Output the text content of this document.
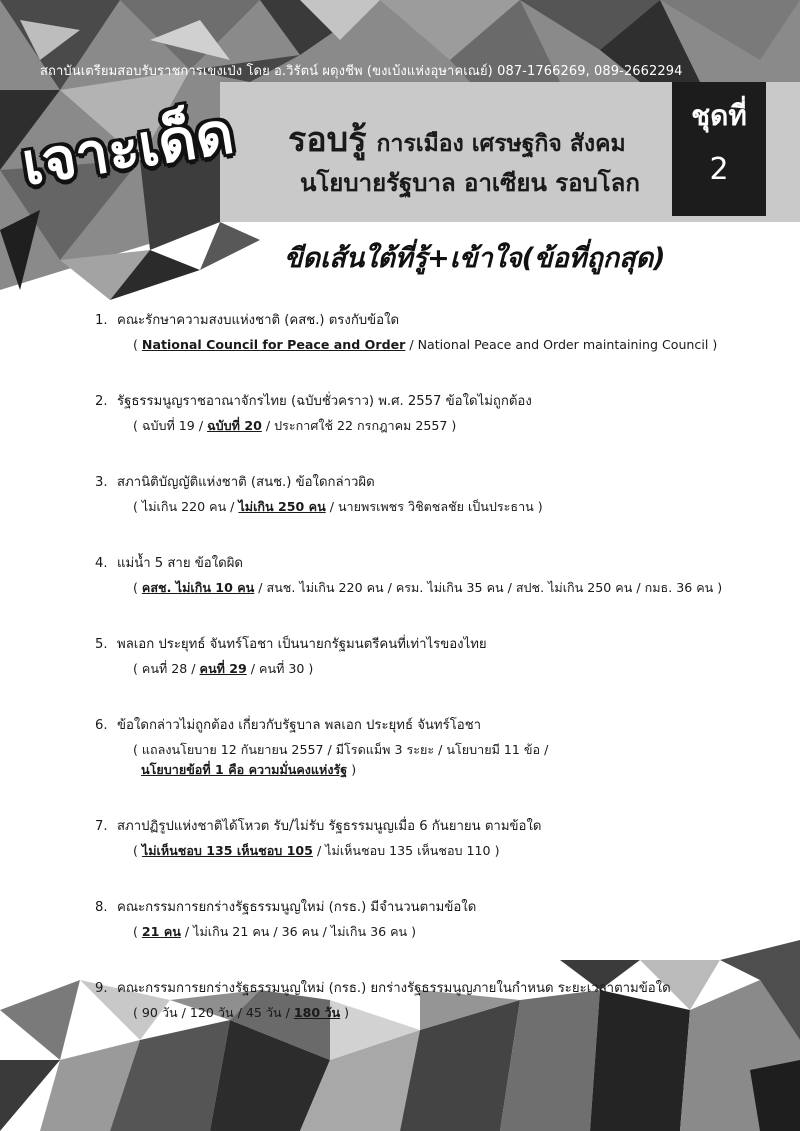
สถาบันเตรียมสอบรับราชการเขงเป่ง โดย อ.วิรัตน์ ผดุงชีพ (ขงเบ้งแห่งอุษาคเณย์) 087-1766269, 089-2662294
เจาะเด็ด	รอบรู้ การเมือง เศรษฐกิจ สังคม
นโยบายรัฐบาล อาเซียน รอบโลก
ชุดที่
2
ขีดเส้นใต้ที่รู้+เข้าใจ(ข้อที่ถูกสุด)
1. คณะรักษาความสงบแห่งชาติ (คสช.) ตรงกับข้อใด
( National Council for Peace and Order / National Peace and Order maintaining Council )
2. รัฐธรรมนูญราชอาณาจักรไทย (ฉบับชั่วคราว) พ.ศ. 2557 ข้อใดไม่ถูกต้อง
( ฉบับที่ 19 / ฉบับที่ 20 / ประกาศใช้ 22 กรกฎาคม 2557 )
3. สภานิติบัญญัติแห่งชาติ (สนช.) ข้อใดกล่าวผิด
( ไม่เกิน 220 คน / ไม่เกิน 250 คน / นายพรเพชร วิชิตชลชัย เป็นประธาน )
4. แม่น้ำ 5 สาย ข้อใดผิด
( คสช. ไม่เกิน 10 คน / สนช. ไม่เกิน 220 คน / ครม. ไม่เกิน 35 คน / สปช. ไม่เกิน 250 คน / กมธ. 36 คน )
5. พลเอก ประยุทธ์ จันทร์โอชา เป็นนายกรัฐมนตรีคนที่เท่าไรของไทย
( คนที่ 28 / คนที่ 29 / คนที่ 30 )
6. ข้อใดกล่าวไม่ถูกต้อง เกี่ยวกับรัฐบาล พลเอก ประยุทธ์ จันทร์โอชา
( แถลงนโยบาย 12 กันยายน 2557 / มีโรดแม็พ 3 ระยะ / นโยบายมี 11 ข้อ /
นโยบายข้อที่ 1 คือ ความมั่นคงแห่งรัฐ )
7. สภาปฏิรูปแห่งชาติได้โหวต รับ/ไม่รับ รัฐธรรมนูญเมื่อ 6 กันยายน ตามข้อใด
( ไม่เห็นชอบ 135 เห็นชอบ 105 / ไม่เห็นชอบ 135 เห็นชอบ 110 )
8. คณะกรรมการยกร่างรัฐธรรมนูญใหม่ (กรธ.) มีจำนวนตามข้อใด
( 21 คน / ไม่เกิน 21 คน / 36 คน / ไม่เกิน 36 คน )
9. คณะกรรมการยกร่างรัฐธรรมนูญใหม่ (กรธ.) ยกร่างรัฐธรรมนูญภายในกำหนด ระยะเวลาตามข้อใด
( 90 วัน / 120 วัน / 45 วัน / 180 วัน )
